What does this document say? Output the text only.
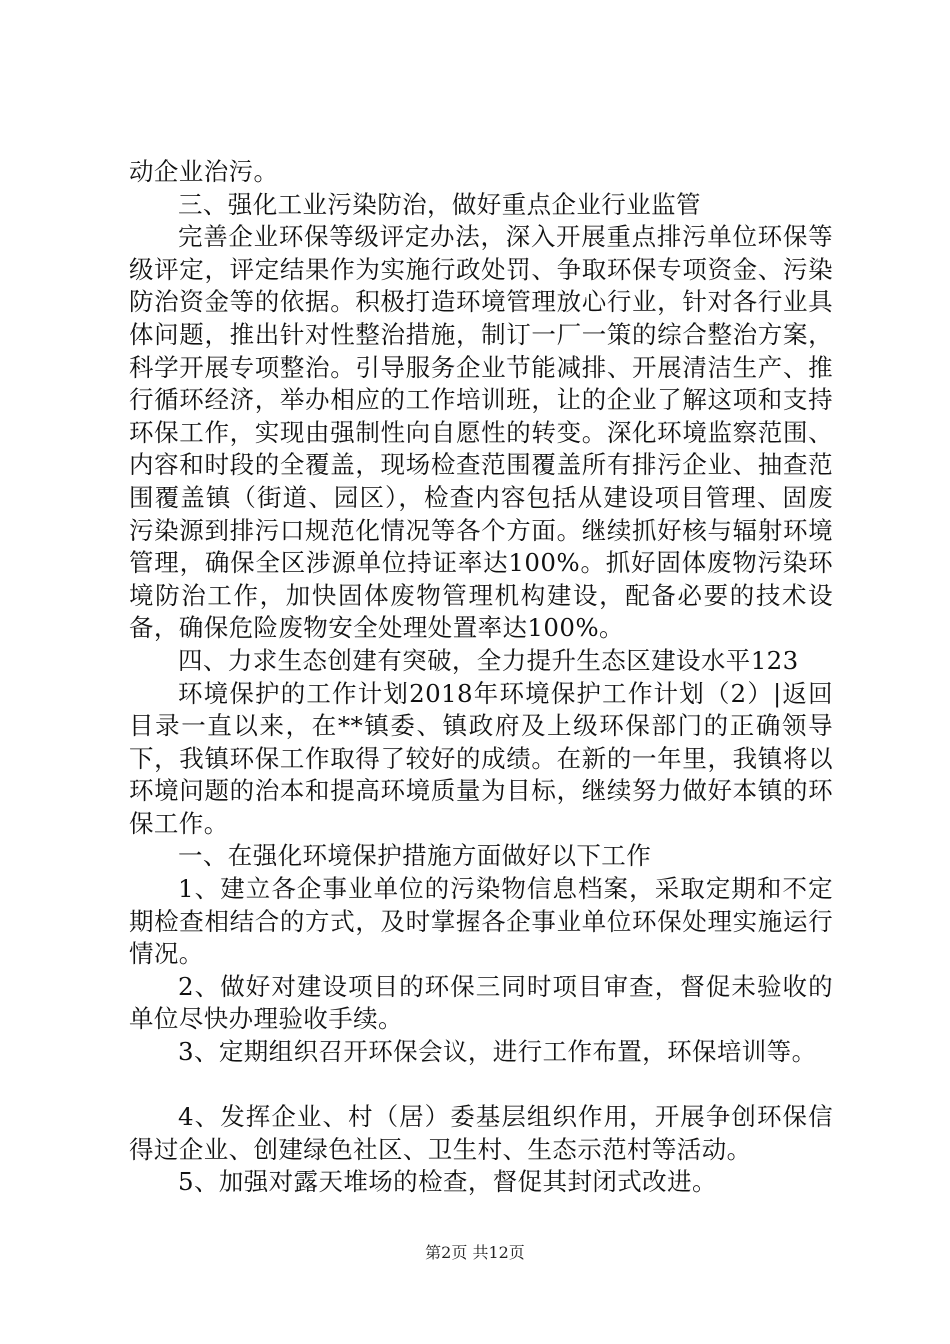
动企业治污。

三、强化工业污染防治，做好重点企业行业监管

完善企业环保等级评定办法，深入开展重点排污单位环保等级评定，评定结果作为实施行政处罚、争取环保专项资金、污染防治资金等的依据。积极打造环境管理放心行业，针对各行业具体问题，推出针对性整治措施，制订一厂一策的综合整治方案，科学开展专项整治。引导服务企业节能减排、开展清洁生产、推行循环经济，举办相应的工作培训班，让的企业了解这项和支持环保工作，实现由强制性向自愿性的转变。深化环境监察范围、内容和时段的全覆盖，现场检查范围覆盖所有排污企业、抽查范围覆盖镇（街道、园区），检查内容包括从建设项目管理、固废污染源到排污口规范化情况等各个方面。继续抓好核与辐射环境管理，确保全区涉源单位持证率达100%。抓好固体废物污染环境防治工作，加快固体废物管理机构建设，配备必要的技术设备，确保危险废物安全处理处置率达100%。

四、力求生态创建有突破，全力提升生态区建设水平123

环境保护的工作计划2018年环境保护工作计划（2）|返回目录一直以来，在**镇委、镇政府及上级环保部门的正确领导下，我镇环保工作取得了较好的成绩。在新的一年里，我镇将以环境问题的治本和提高环境质量为目标，继续努力做好本镇的环保工作。

一、在强化环境保护措施方面做好以下工作

1、建立各企事业单位的污染物信息档案，采取定期和不定期检查相结合的方式，及时掌握各企事业单位环保处理实施运行情况。

2、做好对建设项目的环保三同时项目审查，督促未验收的单位尽快办理验收手续。

3、定期组织召开环保会议，进行工作布置，环保培训等。

4、发挥企业、村（居）委基层组织作用，开展争创环保信得过企业、创建绿色社区、卫生村、生态示范村等活动。

5、加强对露天堆场的检查，督促其封闭式改进。

第2页 共12页
